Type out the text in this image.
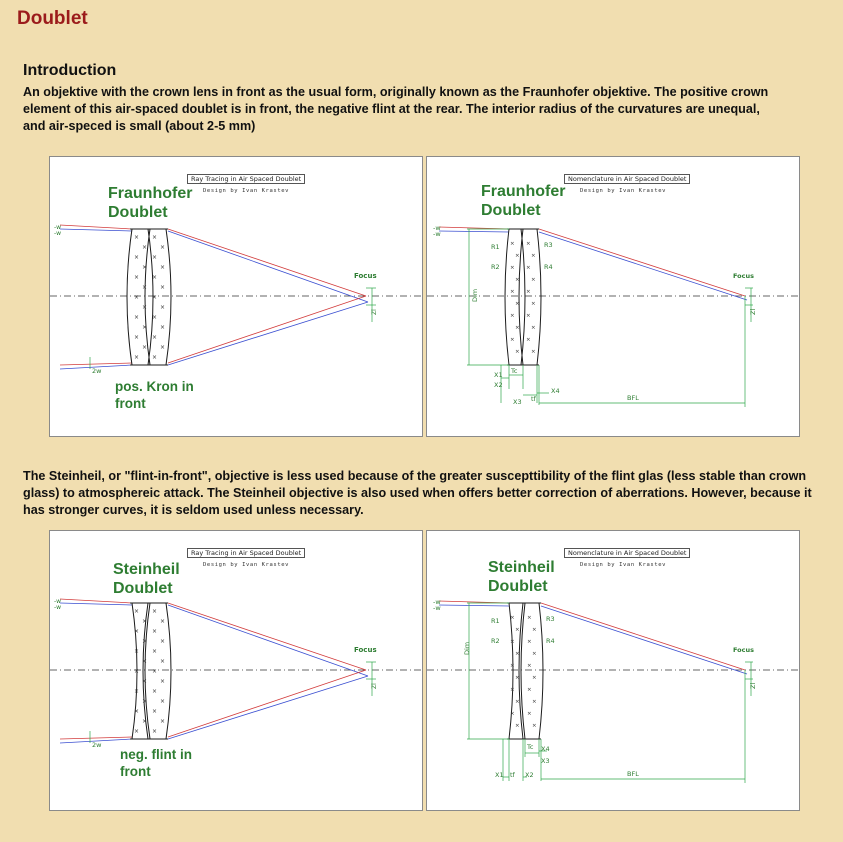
Doublet
Introduction
An objektive with the crown lens in front as the usual form, originally known as the Fraunhofer objektive. The positive crown element of this air-spaced doublet is in front, the negative flint at the rear. The interior radius of the curvatures are unequal, and air-speced is small (about 2-5 mm)
×
×
×
×
×
×
×
×
×
×
×
×
×
×
×
×
×
×
×
×
×
×
×
×
×
×
Focus
-w
-w
2w
Zl
Ray Tracing in Air Spaced Doublet
Design by Ivan Krastev
Fraunhofer Doublet
pos. Kron in front
×
×
×
×
×
×
×
×
×
×
×
×
×
×
×
×
×
×
×
×
Focus
-w
-w
Dim
R1
R2
R3
R4
X1
X2
X3
X4
Tc
tf	BFL
Zl
Nomenclature in Air Spaced Doublet
Design by Ivan Krastev
Fraunhofer Doublet
The Steinheil, or "flint-in-front", objective is less used because of the greater suscepttibility of the flint glas (less stable than crown glass) to atmosphereic attack. The Steinheil objective is also used when offers better correction of aberrations. However, because it has stronger curves, it is seldom used unless necessary.
×
×
×
×
×
×
×
×
×
×
×
×
×
×
×
×
×
×
×
×
×
×
×
×
×
×
Focus
-w
-w
2w
Zl
Ray Tracing in Air Spaced Doublet
Design by Ivan Krastev
Steinheil Doublet
neg. flint in front
×
×
×
×
×
×
×
×
×
×
×
×
×
×
×
×
×
×
×
×
Focus
-w
-w
Dim
R1
R2
R3
R4
X1	X2
X3
X4
Tc
tf	BFL
Zl
Nomenclature in Air Spaced Doublet
Design by Ivan Krastev
Steinheil Doublet
